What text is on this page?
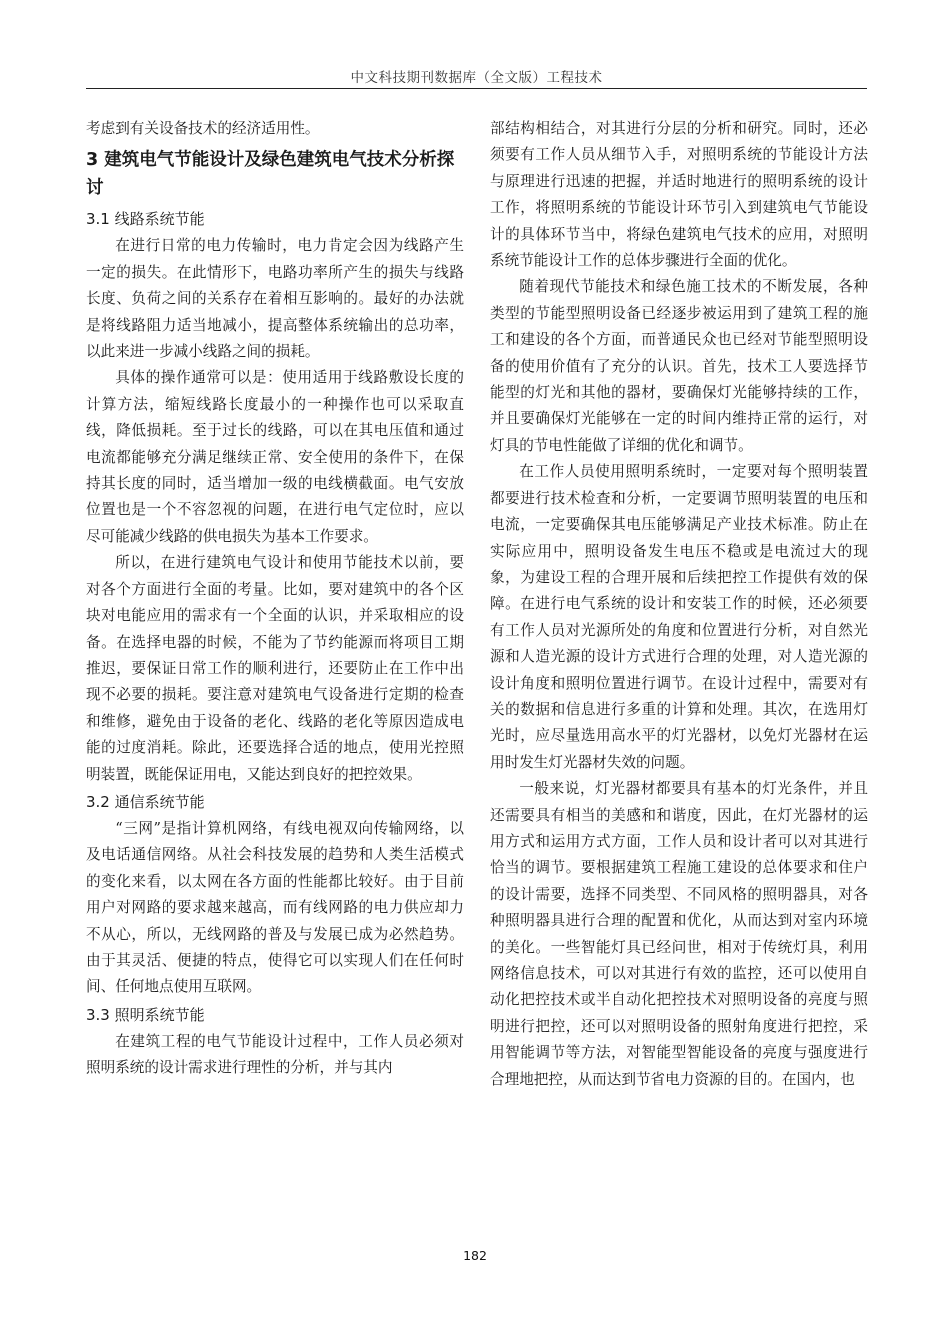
中文科技期刊数据库（全文版）工程技术

考虑到有关设备技术的经济适用性。

3 建筑电气节能设计及绿色建筑电气技术分析探讨
3.1 线路系统节能

在进行日常的电力传输时，电力肯定会因为线路产生一定的损失。在此情形下，电路功率所产生的损失与线路长度、负荷之间的关系存在着相互影响的。最好的办法就是将线路阻力适当地减小，提高整体系统输出的总功率，以此来进一步减小线路之间的损耗。

具体的操作通常可以是：使用适用于线路敷设长度的计算方法，缩短线路长度最小的一种操作也可以采取直线，降低损耗。至于过长的线路，可以在其电压值和通过电流都能够充分满足继续正常、安全使用的条件下，在保持其长度的同时，适当增加一级的电线横截面。电气安放位置也是一个不容忽视的问题，在进行电气定位时，应以尽可能减少线路的供电损失为基本工作要求。

所以，在进行建筑电气设计和使用节能技术以前，要对各个方面进行全面的考量。比如，要对建筑中的各个区块对电能应用的需求有一个全面的认识，并采取相应的设备。在选择电器的时候，不能为了节约能源而将项目工期推迟，要保证日常工作的顺利进行，还要防止在工作中出现不必要的损耗。要注意对建筑电气设备进行定期的检查和维修，避免由于设备的老化、线路的老化等原因造成电能的过度消耗。除此，还要选择合适的地点，使用光控照明装置，既能保证用电，又能达到良好的把控效果。

3.2 通信系统节能

“三网”是指计算机网络，有线电视双向传输网络，以及电话通信网络。从社会科技发展的趋势和人类生活模式的变化来看，以太网在各方面的性能都比较好。由于目前用户对网路的要求越来越高，而有线网路的电力供应却力不从心，所以，无线网路的普及与发展已成为必然趋势。由于其灵活、便捷的特点，使得它可以实现人们在任何时间、任何地点使用互联网。

3.3 照明系统节能

在建筑工程的电气节能设计过程中，工作人员必须对照明系统的设计需求进行理性的分析，并与其内

部结构相结合，对其进行分层的分析和研究。同时，还必须要有工作人员从细节入手，对照明系统的节能设计方法与原理进行迅速的把握，并适时地进行的照明系统的设计工作，将照明系统的节能设计环节引入到建筑电气节能设计的具体环节当中，将绿色建筑电气技术的应用，对照明系统节能设计工作的总体步骤进行全面的优化。

随着现代节能技术和绿色施工技术的不断发展，各种类型的节能型照明设备已经逐步被运用到了建筑工程的施工和建设的各个方面，而普通民众也已经对节能型照明设备的使用价值有了充分的认识。首先，技术工人要选择节能型的灯光和其他的器材，要确保灯光能够持续的工作，并且要确保灯光能够在一定的时间内维持正常的运行，对灯具的节电性能做了详细的优化和调节。

在工作人员使用照明系统时，一定要对每个照明装置都要进行技术检查和分析，一定要调节照明装置的电压和电流，一定要确保其电压能够满足产业技术标准。防止在实际应用中，照明设备发生电压不稳或是电流过大的现象，为建设工程的合理开展和后续把控工作提供有效的保障。在进行电气系统的设计和安装工作的时候，还必须要有工作人员对光源所处的角度和位置进行分析，对自然光源和人造光源的设计方式进行合理的处理，对人造光源的设计角度和照明位置进行调节。在设计过程中，需要对有关的数据和信息进行多重的计算和处理。其次，在选用灯光时，应尽量选用高水平的灯光器材，以免灯光器材在运用时发生灯光器材失效的问题。

一般来说，灯光器材都要具有基本的灯光条件，并且还需要具有相当的美感和和谐度，因此，在灯光器材的运用方式和运用方式方面，工作人员和设计者可以对其进行恰当的调节。要根据建筑工程施工建设的总体要求和住户的设计需要，选择不同类型、不同风格的照明器具，对各种照明器具进行合理的配置和优化，从而达到对室内环境的美化。一些智能灯具已经问世，相对于传统灯具，利用网络信息技术，可以对其进行有效的监控，还可以使用自动化把控技术或半自动化把控技术对照明设备的亮度与照明进行把控，还可以对照明设备的照射角度进行把控，采用智能调节等方法，对智能型智能设备的亮度与强度进行合理地把控，从而达到节省电力资源的目的。在国内，也

182
